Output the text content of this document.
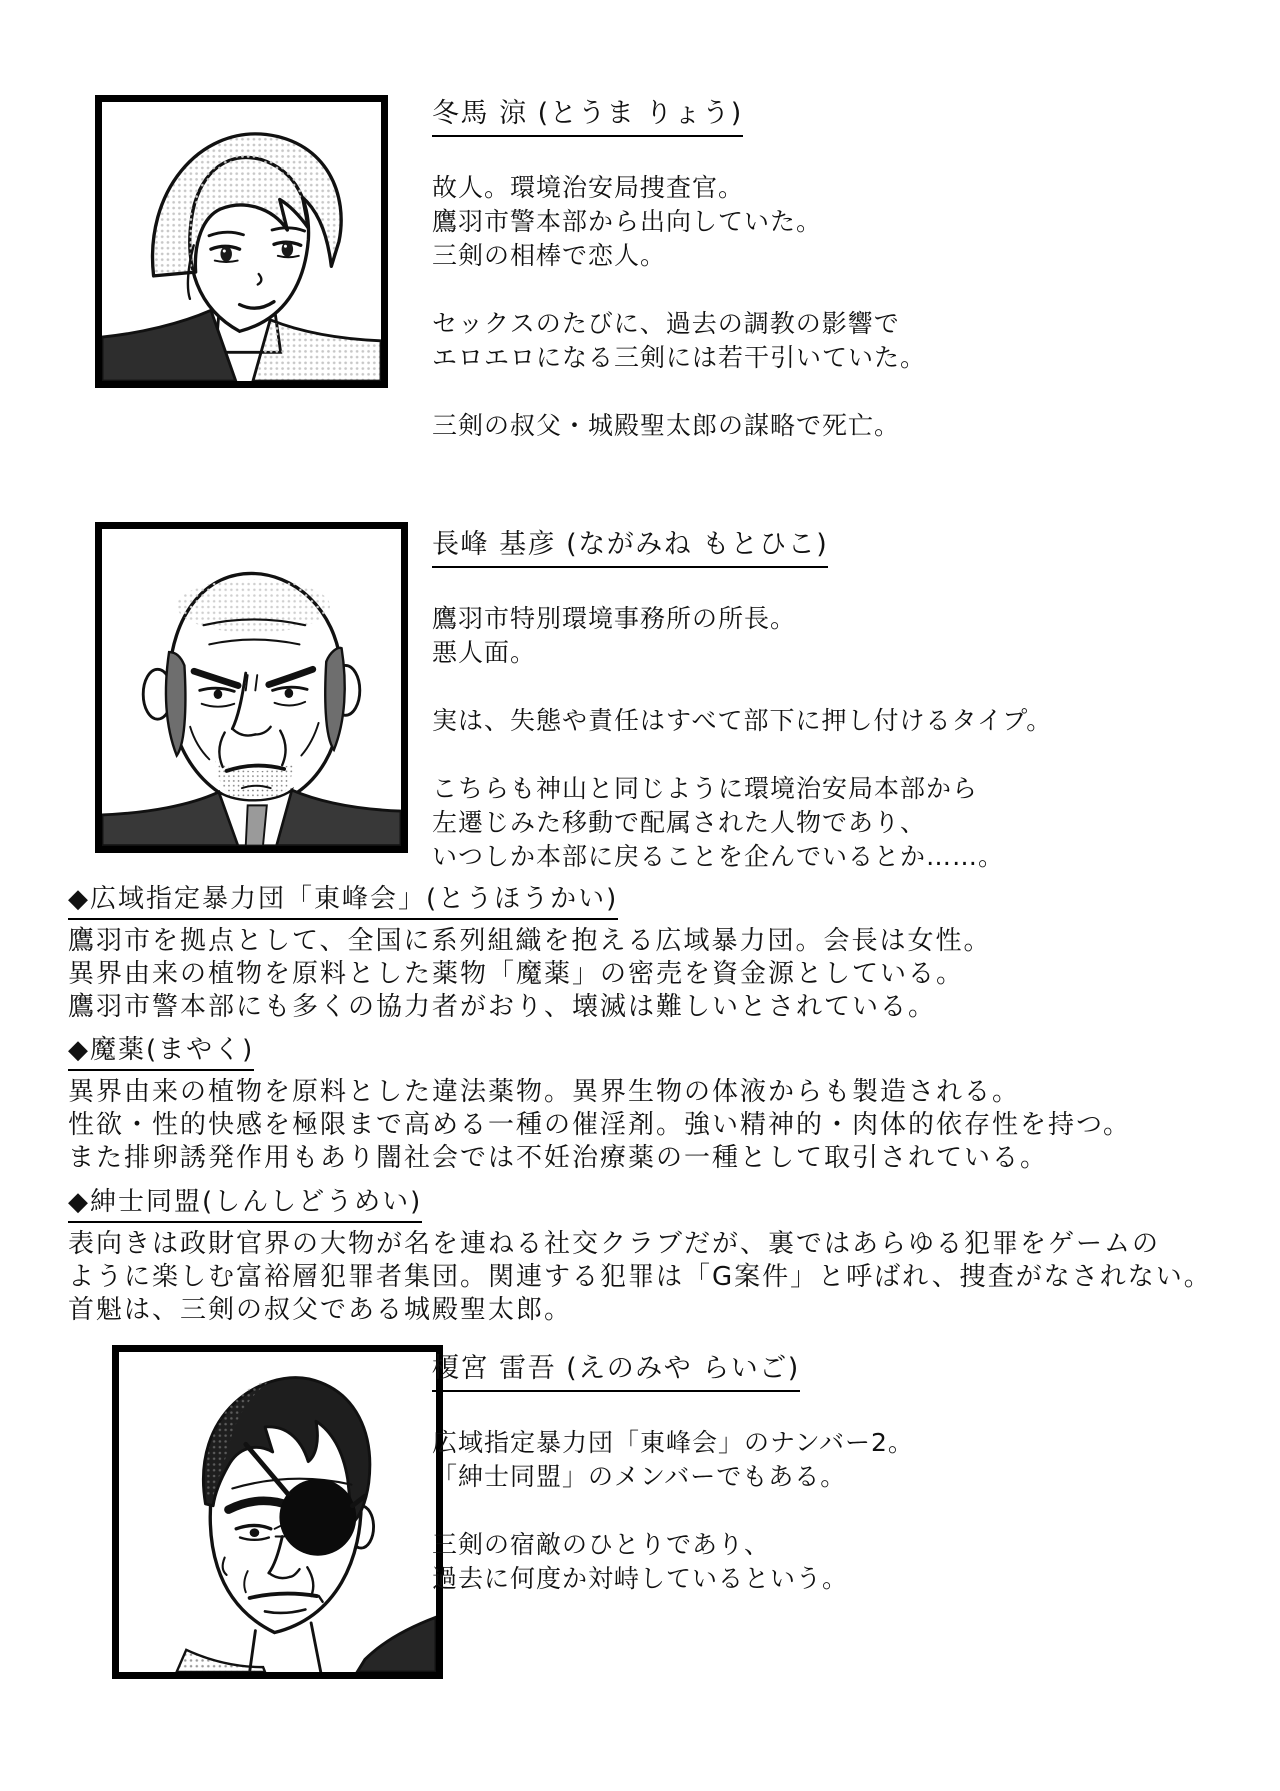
冬馬 涼 (とうま りょう)
故人。環境治安局捜査官。
鷹羽市警本部から出向していた。
三剣の相棒で恋人。
セックスのたびに、過去の調教の影響で
エロエロになる三剣には若干引いていた。
三剣の叔父・城殿聖太郎の謀略で死亡。
長峰 基彦 (ながみね もとひこ)
鷹羽市特別環境事務所の所長。
悪人面。
実は、失態や責任はすべて部下に押し付けるタイプ。
こちらも神山と同じように環境治安局本部から
左遷じみた移動で配属された人物であり、
いつしか本部に戻ることを企んでいるとか……。
◆広域指定暴力団「東峰会」(とうほうかい)
鷹羽市を拠点として、全国に系列組織を抱える広域暴力団。会長は女性。
異界由来の植物を原料とした薬物「魔薬」の密売を資金源としている。
鷹羽市警本部にも多くの協力者がおり、壊滅は難しいとされている。
◆魔薬(まやく)
異界由来の植物を原料とした違法薬物。異界生物の体液からも製造される。
性欲・性的快感を極限まで高める一種の催淫剤。強い精神的・肉体的依存性を持つ。
また排卵誘発作用もあり闇社会では不妊治療薬の一種として取引されている。
◆紳士同盟(しんしどうめい)
表向きは政財官界の大物が名を連ねる社交クラブだが、裏ではあらゆる犯罪をゲームの
ように楽しむ富裕層犯罪者集団。関連する犯罪は「G案件」と呼ばれ、捜査がなされない。
首魁は、三剣の叔父である城殿聖太郎。
榎宮 雷吾 (えのみや らいご)
広域指定暴力団「東峰会」のナンバー2。
「紳士同盟」のメンバーでもある。
三剣の宿敵のひとりであり、
過去に何度か対峙しているという。
